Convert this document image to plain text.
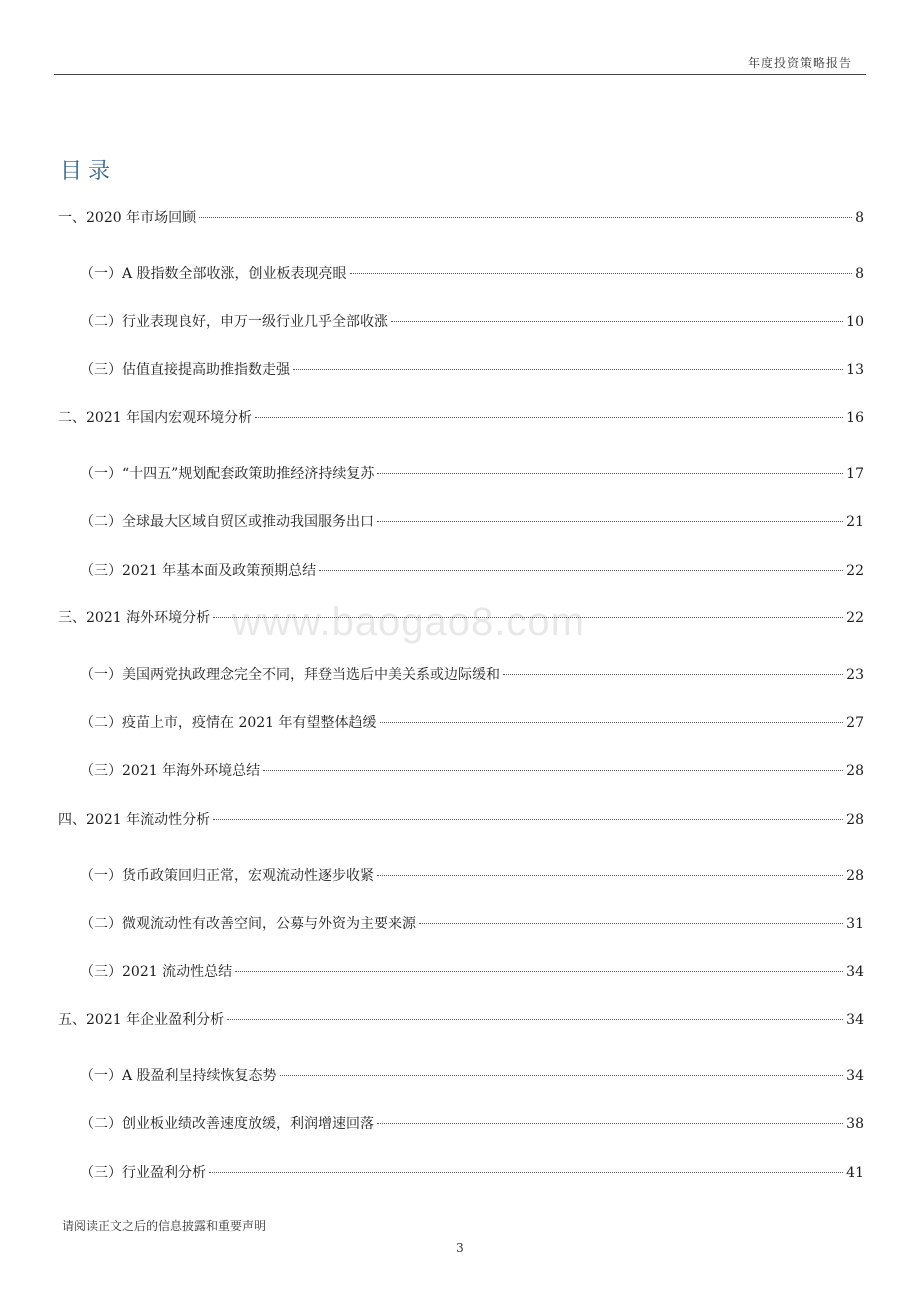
年度投资策略报告
目录
一、2020 年市场回顾	8
（一）A 股指数全部收涨，创业板表现亮眼	8
（二）行业表现良好，申万一级行业几乎全部收涨	10
（三）估值直接提高助推指数走强	13
二、2021 年国内宏观环境分析	16
（一）“十四五”规划配套政策助推经济持续复苏	17
（二）全球最大区域自贸区或推动我国服务出口	21
（三）2021 年基本面及政策预期总结	22
三、2021 海外环境分析	22
（一）美国两党执政理念完全不同，拜登当选后中美关系或边际缓和	23
（二）疫苗上市，疫情在 2021 年有望整体趋缓	27
（三）2021 年海外环境总结	28
四、2021 年流动性分析	28
（一）货币政策回归正常，宏观流动性逐步收紧	28
（二）微观流动性有改善空间，公募与外资为主要来源	31
（三）2021 流动性总结	34
五、2021 年企业盈利分析	34
（一）A 股盈利呈持续恢复态势	34
（二）创业板业绩改善速度放缓，利润增速回落	38
（三）行业盈利分析	41
www.baogao8.com
请阅读正文之后的信息披露和重要声明
3
